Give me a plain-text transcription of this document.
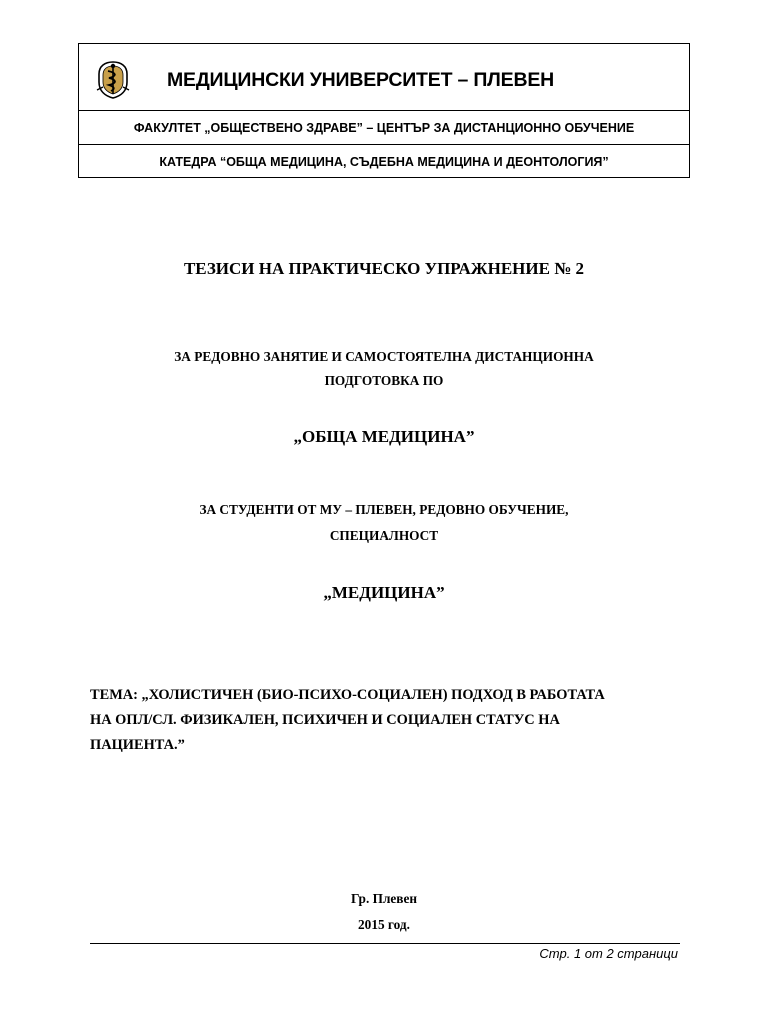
МЕДИЦИНСКИ УНИВЕРСИТЕТ – ПЛЕВЕН
ФАКУЛТЕТ „ОБЩЕСТВЕНО ЗДРАВЕ” – ЦЕНТЪР ЗА ДИСТАНЦИОННО ОБУЧЕНИЕ
КАТЕДРА “ОБЩА МЕДИЦИНА, СЪДЕБНА МЕДИЦИНА И ДЕОНТОЛОГИЯ”
ТЕЗИСИ НА ПРАКТИЧЕСКО УПРАЖНЕНИЕ № 2
ЗА РЕДОВНО ЗАНЯТИЕ И САМОСТОЯТЕЛНА ДИСТАНЦИОННА
ПОДГОТОВКА ПО
„ОБЩА МЕДИЦИНА”
ЗА СТУДЕНТИ ОТ МУ – ПЛЕВЕН, РЕДОВНО ОБУЧЕНИЕ,
СПЕЦИАЛНОСТ
„МЕДИЦИНА”
ТЕМА: „ХОЛИСТИЧЕН (БИО-ПСИХО-СОЦИАЛЕН) ПОДХОД В РАБОТАТА
НА ОПЛ/СЛ. ФИЗИКАЛЕН, ПСИХИЧЕН И СОЦИАЛЕН СТАТУС НА
ПАЦИЕНТА.”
Гр. Плевен
2015 год.
Стр. 1 от 2 страници
